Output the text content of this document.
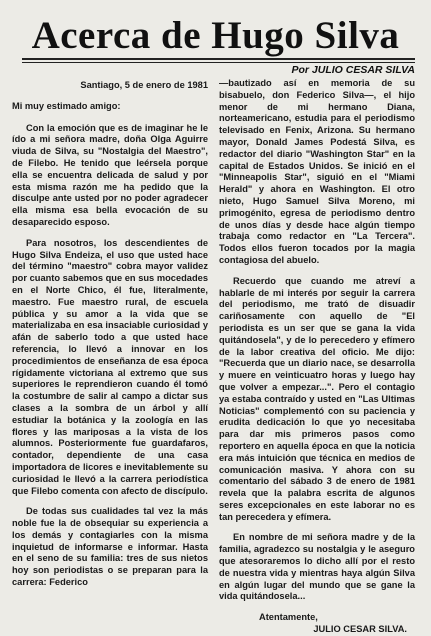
Acerca de Hugo Silva
Por JULIO CESAR SILVA
Santiago, 5 de enero de 1981
Mi muy estimado amigo:

Con la emoción que es de imaginar he le ído a mi señora madre, doña Olga Aguirre viuda de Silva, su "Nostalgia del Maestro", de Filebo. He tenido que leérsela porque ella se encuentra delicada de salud y por esta misma razón me ha pedido que la disculpe ante usted por no poder agradecer ella misma esa bella evocación de su desaparecido esposo.

Para nosotros, los descendientes de Hugo Silva Endeiza, el uso que usted hace del término "maestro" cobra mayor validez por cuanto sabemos que en sus mocedades en el Norte Chico, él fue, literalmente, maestro. Fue maestro rural, de escuela pública y su amor a la vida que se materializaba en esa insaciable curiosidad y afán de saberlo todo a que usted hace referencia, lo llevó a innovar en los procedimientos de enseñanza de esa época rígidamente victoriana al extremo que sus superiores le reprendieron cuando él tomó la costumbre de salir al campo a dictar sus clases a la sombra de un árbol y allí estudiar la botánica y la zoología en las flores y las mariposas a la vista de los alumnos. Posteriormente fue guardafaros, contador, dependiente de una casa importadora de licores e inevitablemente su curiosidad le llevó a la carrera periodística que Filebo comenta con afecto de discípulo.

De todas sus cualidades tal vez la más noble fue la de obsequiar su experiencia a los demás y contagiarles con la misma inquietud de informarse e informar. Hasta en el seno de su familia: tres de sus nietos hoy son periodistas o se preparan para la carrera: Federico

—bautizado así en memoria de su bisabuelo, don Federico Silva—, el hijo menor de mi hermano Diana, norteamericano, estudia para el periodismo televisado en Fenix, Arizona. Su hermano mayor, Donald James Podestá Silva, es redactor del diario "Washington Star" en la capital de Estados Unidos. Se inició en el "Minneapolis Star", siguió en el "Miami Herald" y ahora en Washington. El otro nieto, Hugo Samuel Silva Moreno, mi primogénito, egresa de periodismo dentro de unos días y desde hace algún tiempo trabaja como redactor en "La Tercera". Todos ellos fueron tocados por la magia contagiosa del abuelo.

Recuerdo que cuando me atreví a hablarle de mi interés por seguir la carrera del periodismo, me trató de disuadir cariñosamente con aquello de "El periodista es un ser que se gana la vida quitándosela", y de lo perecedero y efímero de la labor creativa del oficio. Me dijo: "Recuerda que un diario nace, se desarrolla y muere en veinticuatro horas y luego hay que volver a empezar...". Pero el contagio ya estaba contraído y usted en "Las Ultimas Noticias" complementó con su paciencia y erudita dedicación lo que yo necesitaba para dar mis primeros pasos como reportero en aquella época en que la noticia era más intuición que técnica en medios de comunicación masiva. Y ahora con su comentario del sábado 3 de enero de 1981 revela que la palabra escrita de algunos seres excepcionales en este laborar no es tan perecedera y efímera.

En nombre de mi señora madre y de la familia, agradezco su nostalgia y le aseguro que atesoraremos lo dicho allí por el resto de nuestra vida y mientras haya algún Silva en algún lugar del mundo que se gane la vida quitándosela...

Atentamente,

JULIO CESAR SILVA.
